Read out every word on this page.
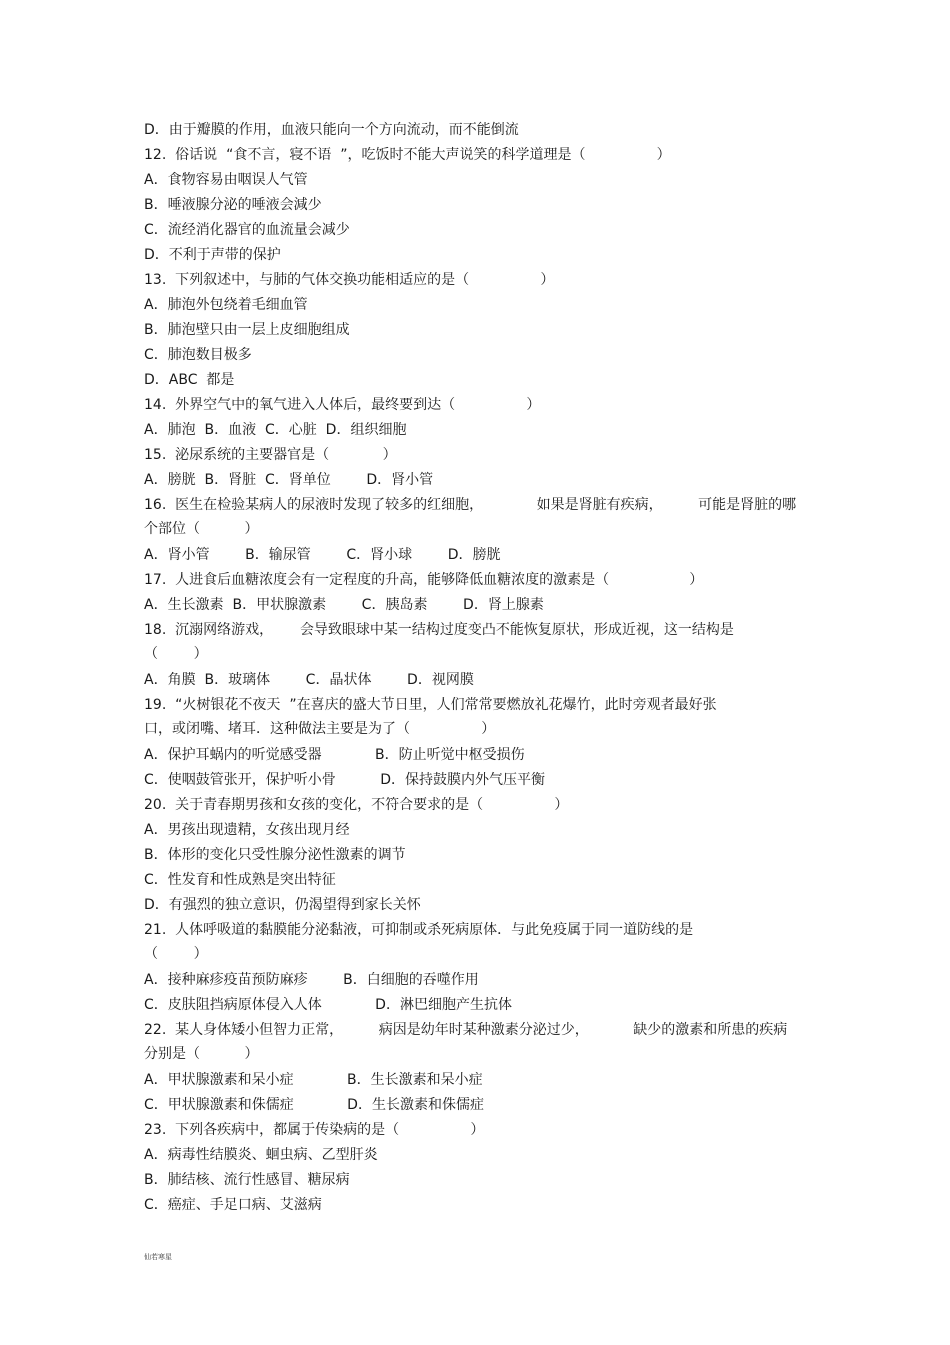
D．由于瓣膜的作用，血液只能向一个方向流动，而不能倒流
12.  俗话说  “食不言，寝不语  ”，吃饭时不能大声说笑的科学道理是（                ）
A．食物容易由咽误人气管
B．唾液腺分泌的唾液会減少
C．流经消化器官的血流量会减少
D．不利于声带的保护
13.  下列叙述中，与肺的气体交换功能相适应的是（                ）
A．肺泡外包绕着毛细血管
B．肺泡壁只由一层上皮细胞组成
C．肺泡数目极多
D．ABC  都是
14.  外界空气中的氧气进入人体后，最终要到达（                ）
A．肺泡  B．血液  C．心脏  D．组织细胞
15.  泌尿系统的主要器官是（            ）
A．膀胱  B．肾脏  C．肾单位        D．肾小管
16.  医生在检验某病人的尿液时发现了较多的红细胞，            如果是肾脏有疾病，        可能是肾脏的哪
个部位（          ）
A．肾小管        B．输尿管        C．肾小球        D．膀胱
17.  人进食后血糖浓度会有一定程度的升高，能够降低血糖浓度的激素是（                  ）
A．生长激素  B．甲状腺激素        C．胰岛素        D．肾上腺素
18.  沉溺网络游戏，      会导致眼球中某一结构过度变凸不能恢复原状，形成近视，这一结构是
（        ）
A．角膜  B．玻璃体        C．晶状体        D．视网膜
19.  “火树银花不夜天  ”在喜庆的盛大节日里，人们常常要燃放礼花爆竹，此时旁观者最好张
口，或闭嘴、堵耳．这种做法主要是为了（                ）
A．保护耳蜗内的听觉感受器            B．防止听觉中枢受损伤
C．使咽鼓管张开，保护听小骨          D．保持鼓膜内外气压平衡
20.  关于青春期男孩和女孩的变化，不符合要求的是（                ）
A．男孩出现遗精，女孩出现月经
B．体形的变化只受性腺分泌性激素的调节
C．性发育和性成熟是突出特征
D．有强烈的独立意识，仍渴望得到家长关怀
21.  人体呼吸道的黏膜能分泌黏液，可抑制或杀死病原体．与此免疫属于同一道防线的是
（        ）
A．接种麻疹疫苗预防麻疹        B．白细胞的吞噬作用
C．皮肤阻挡病原体侵入人体            D．淋巴细胞产生抗体
22.  某人身体矮小但智力正常，        病因是幼年时某种激素分泌过少，          缺少的激素和所患的疾病
分别是（          ）
A．甲状腺激素和呆小症            B．生长激素和呆小症
C．甲状腺激素和侏儒症            D．生长激素和侏儒症
23.  下列各疾病中，都属于传染病的是（                ）
A．病毒性结膜炎、蛔虫病、乙型肝炎
B．肺结核、流行性感冒、糖尿病
C．癌症、手足口病、艾滋病
仙若寒星
